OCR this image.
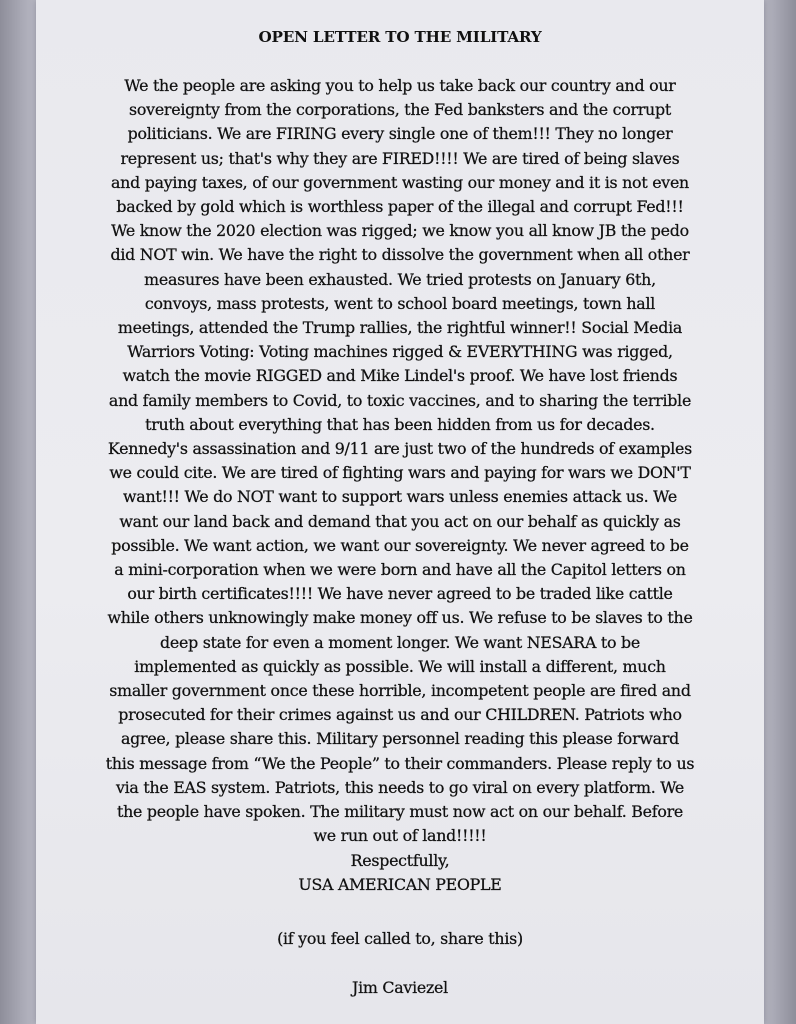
OPEN LETTER TO THE MILITARY
We the people are asking you to help us take back our country and our
sovereignty from the corporations, the Fed banksters and the corrupt
politicians. We are FIRING every single one of them!!! They no longer
represent us; that's why they are FIRED!!!! We are tired of being slaves
and paying taxes, of our government wasting our money and it is not even
backed by gold which is worthless paper of the illegal and corrupt Fed!!!
We know the 2020 election was rigged; we know you all know JB the pedo
did NOT win. We have the right to dissolve the government when all other
measures have been exhausted. We tried protests on January 6th,
convoys, mass protests, went to school board meetings, town hall
meetings, attended the Trump rallies, the rightful winner!! Social Media
Warriors Voting: Voting machines rigged & EVERYTHING was rigged,
watch the movie RIGGED and Mike Lindel's proof. We have lost friends
and family members to Covid, to toxic vaccines, and to sharing the terrible
truth about everything that has been hidden from us for decades.
Kennedy's assassination and 9/11 are just two of the hundreds of examples
we could cite. We are tired of fighting wars and paying for wars we DON'T
want!!! We do NOT want to support wars unless enemies attack us. We
want our land back and demand that you act on our behalf as quickly as
possible. We want action, we want our sovereignty. We never agreed to be
a mini-corporation when we were born and have all the Capitol letters on
our birth certificates!!!! We have never agreed to be traded like cattle
while others unknowingly make money off us. We refuse to be slaves to the
deep state for even a moment longer. We want NESARA to be
implemented as quickly as possible. We will install a different, much
smaller government once these horrible, incompetent people are fired and
prosecuted for their crimes against us and our CHILDREN. Patriots who
agree, please share this. Military personnel reading this please forward
this message from “We the People” to their commanders. Please reply to us
via the EAS system. Patriots, this needs to go viral on every platform. We
the people have spoken. The military must now act on our behalf. Before
we run out of land!!!!!
Respectfully,
USA AMERICAN PEOPLE
(if you feel called to, share this)
Jim Caviezel
